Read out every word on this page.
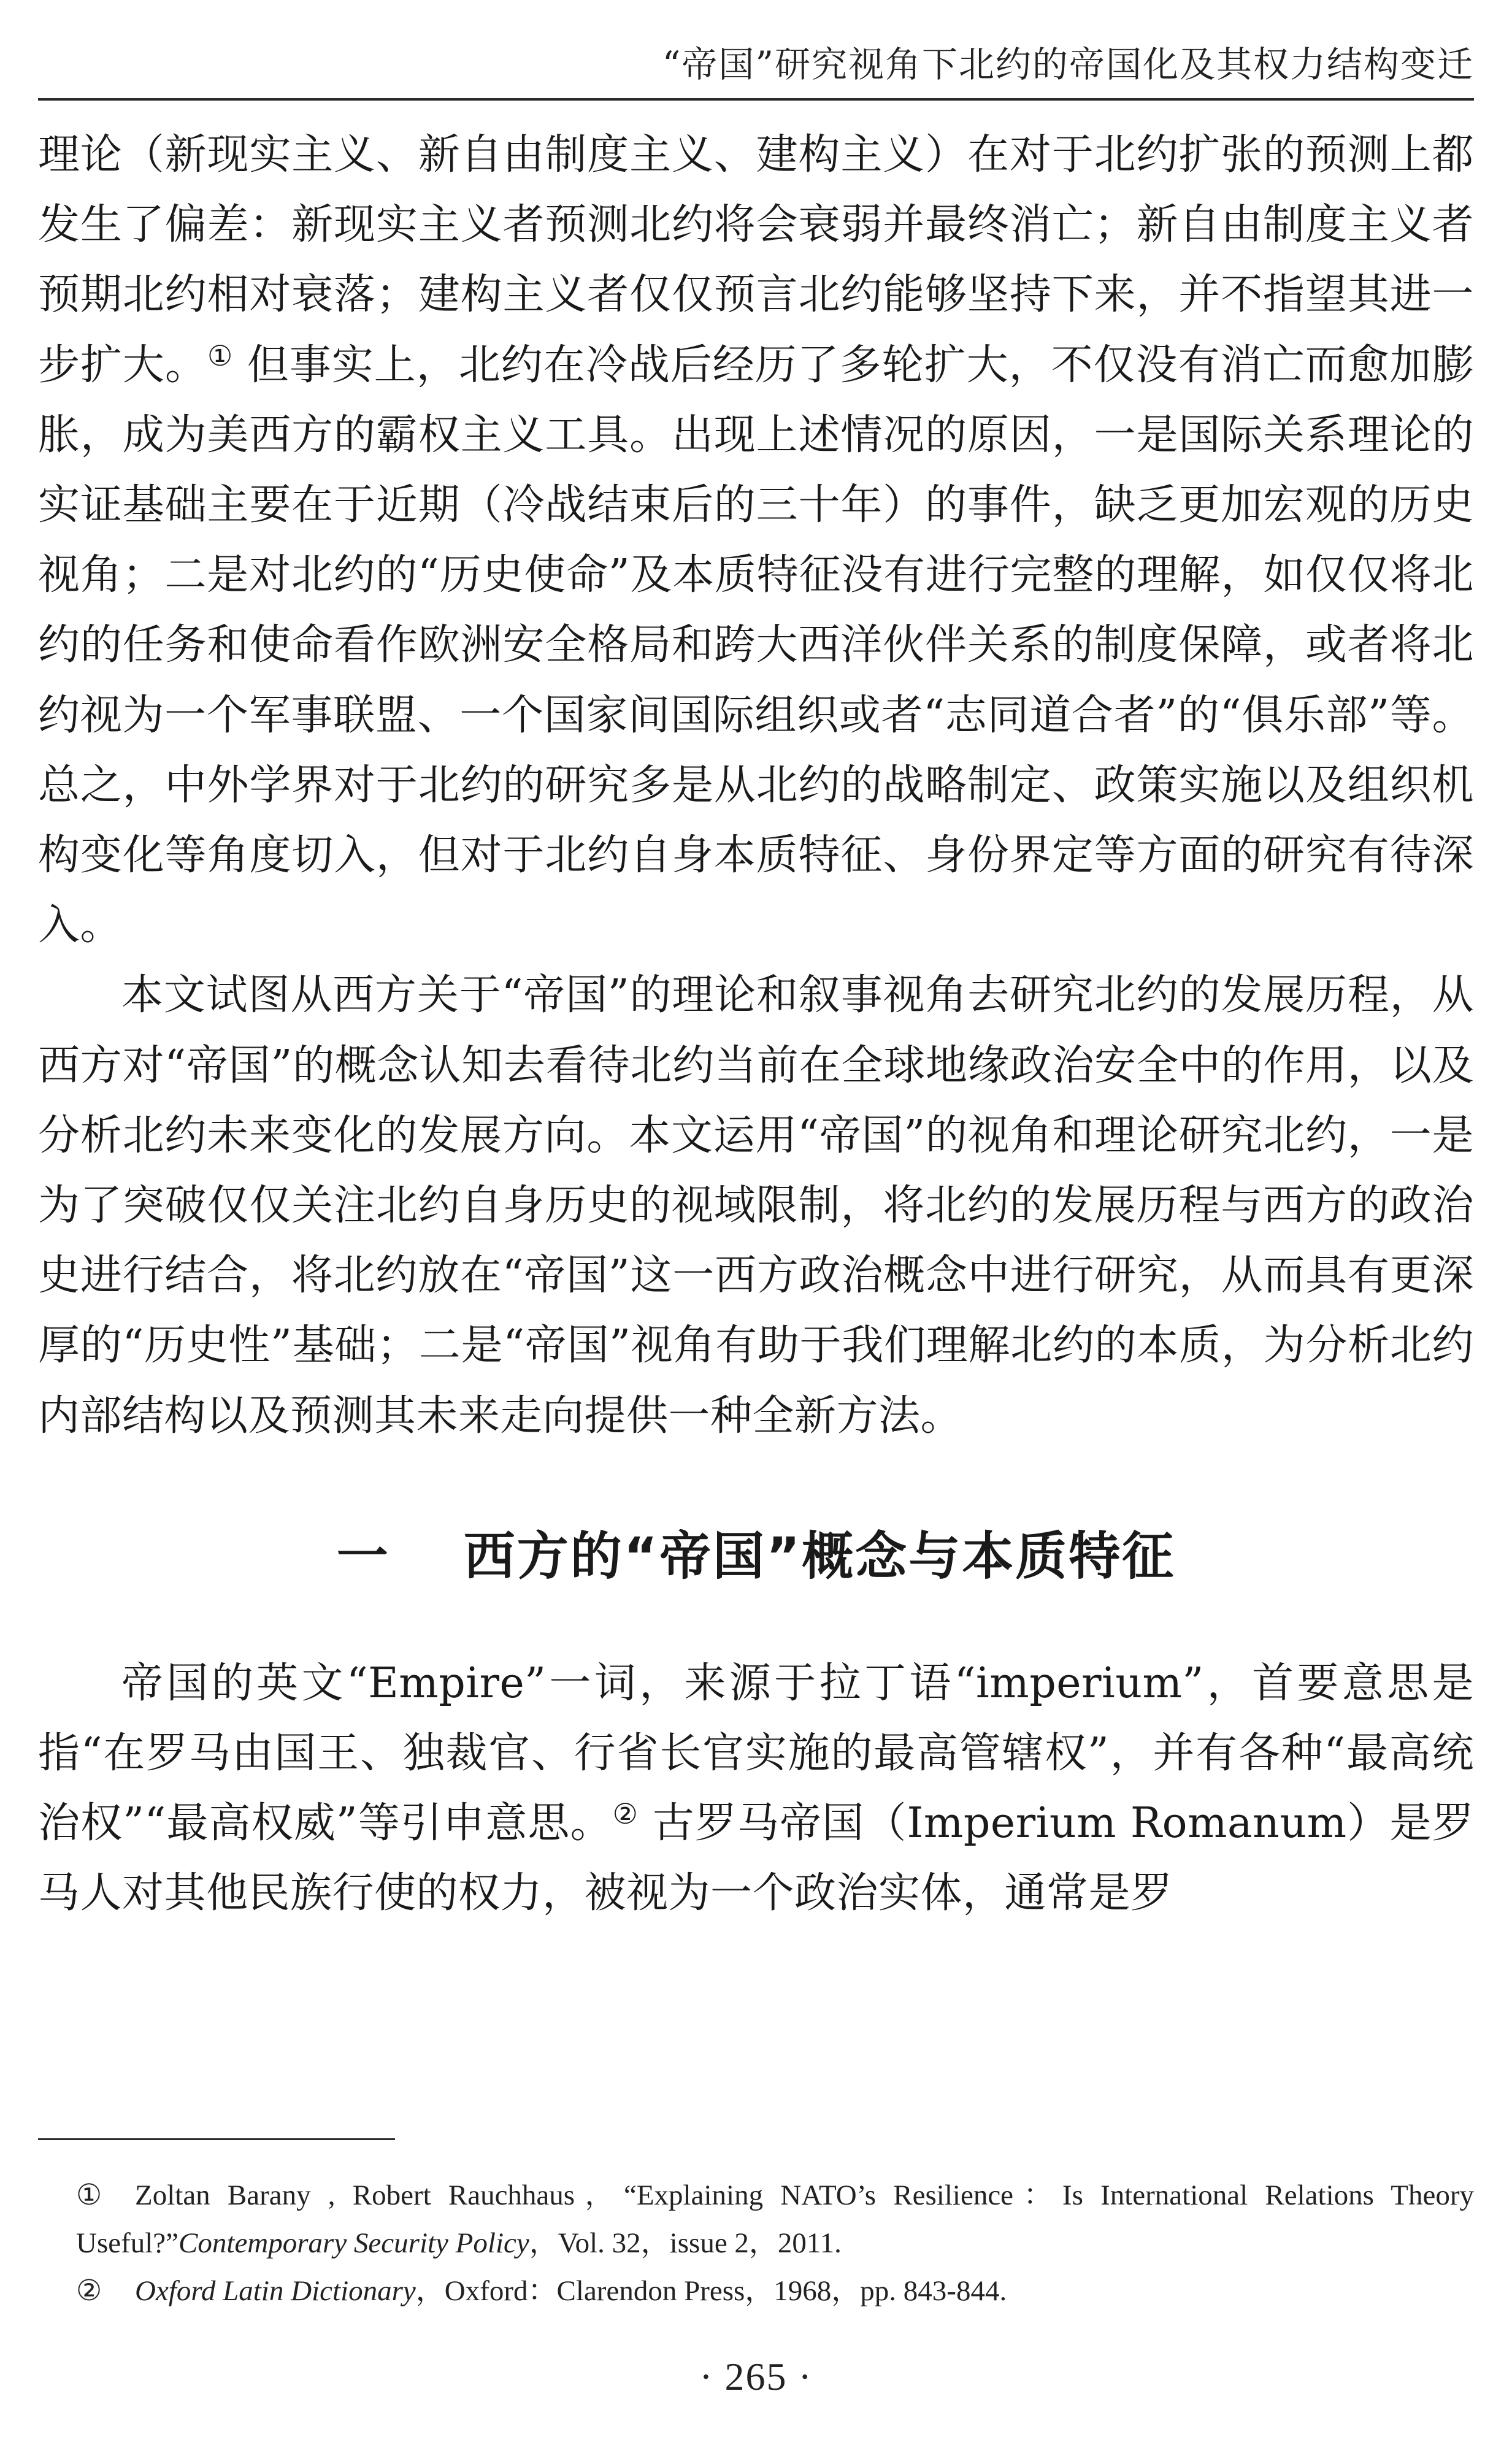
“帝国”研究视角下北约的帝国化及其权力结构变迁

理论（新现实主义、新自由制度主义、建构主义）在对于北约扩张的预测上都发生了偏差：新现实主义者预测北约将会衰弱并最终消亡；新自由制度主义者预期北约相对衰落；建构主义者仅仅预言北约能够坚持下来，并不指望其进一步扩大。① 但事实上，北约在冷战后经历了多轮扩大，不仅没有消亡而愈加膨胀，成为美西方的霸权主义工具。出现上述情况的原因，一是国际关系理论的实证基础主要在于近期（冷战结束后的三十年）的事件，缺乏更加宏观的历史视角；二是对北约的“历史使命”及本质特征没有进行完整的理解，如仅仅将北约的任务和使命看作欧洲安全格局和跨大西洋伙伴关系的制度保障，或者将北约视为一个军事联盟、一个国家间国际组织或者“志同道合者”的“俱乐部”等。总之，中外学界对于北约的研究多是从北约的战略制定、政策实施以及组织机构变化等角度切入，但对于北约自身本质特征、身份界定等方面的研究有待深入。

本文试图从西方关于“帝国”的理论和叙事视角去研究北约的发展历程，从西方对“帝国”的概念认知去看待北约当前在全球地缘政治安全中的作用，以及分析北约未来变化的发展方向。本文运用“帝国”的视角和理论研究北约，一是为了突破仅仅关注北约自身历史的视域限制，将北约的发展历程与西方的政治史进行结合，将北约放在“帝国”这一西方政治概念中进行研究，从而具有更深厚的“历史性”基础；二是“帝国”视角有助于我们理解北约的本质，为分析北约内部结构以及预测其未来走向提供一种全新方法。

一 西方的“帝国”概念与本质特征

帝国的英文“Empire”一词，来源于拉丁语“imperium”，首要意思是指“在罗马由国王、独裁官、行省长官实施的最高管辖权”，并有各种“最高统治权”“最高权威”等引申意思。② 古罗马帝国（Imperium Romanum）是罗马人对其他民族行使的权力，被视为一个政治实体，通常是罗

① Zoltan Barany , Robert Rauchhaus，“Explaining NATO’s Resilience：Is International Relations Theory Useful?”Contemporary Security Policy，Vol. 32，issue 2，2011.

② Oxford Latin Dictionary，Oxford：Clarendon Press，1968，pp. 843-844.

· 265 ·
